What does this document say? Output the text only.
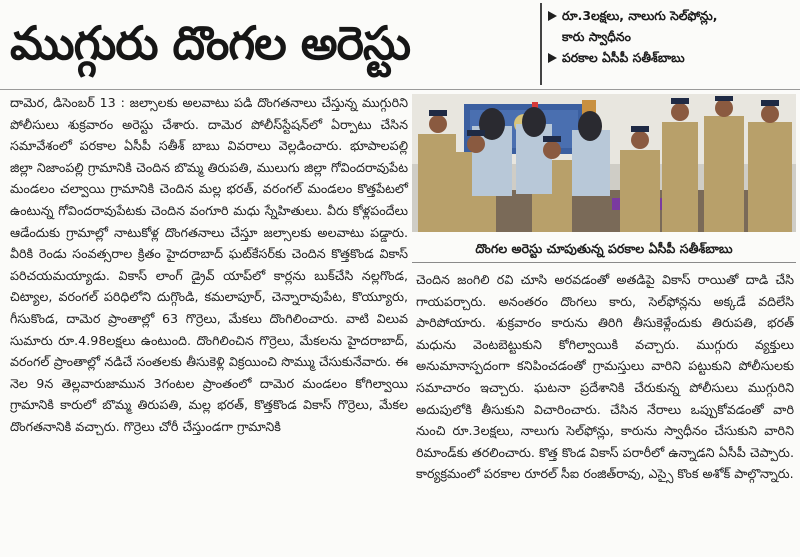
ముగ్గురు దొంగల అరెస్టు
రూ.3లక్షలు, నాలుగు సెల్‌ఫోన్లు,
కారు స్వాధీనం
పరకాల ఏసీపీ సతీశ్‌బాబు

దామెర, డిసెంబర్ 13 : జల్సాలకు అలవాటు పడి దొంగతనాలు చేస్తున్న ముగ్గురిని పోలీసులు శుక్రవారం అరెస్టు చేశారు. దామెర పోలీస్‌స్టేషన్‌లో ఏర్పాటు చేసిన సమావేశంలో పరకాల ఏసీపీ సతీశ్ బాబు వివరాలు వెల్లడించారు. భూపాలపల్లి జిల్లా నిజాంపల్లి గ్రామానికి చెందిన బొమ్మ తిరుపతి, ములుగు జిల్లా గోవిందరావుపేట మండలం చల్వాయి గ్రామానికి చెందిన మల్ల భరత్, వరంగల్ మండలం కొత్తపేటలో ఉంటున్న గోవిందరావుపేటకు చెందిన వంగూరి మధు స్నేహితులు. వీరు కోళ్లపందేలు ఆడేందుకు గ్రామాల్లో నాటుకోళ్ల దొంగతనాలు చేస్తూ జల్సాలకు అలవాటు పడ్డారు. వీరికి రెండు సంవత్సరాల క్రితం హైదరాబాద్ ఘట్‌కేసర్‌కు చెందిన కొత్తకొండ వికాస్ పరిచయమయ్యాడు. వికాస్ లాంగ్ డ్రైవ్ యాప్‌లో కార్లను బుక్‌చేసి నల్లగొండ, చిట్యాల, వరంగల్ పరిధిలోని దుగ్గొండి, కమలాపూర్, చెన్నారావుపేట, కొయ్యూరు, గీసుకొండ, దామెర ప్రాంతాల్లో 63 గొర్రెలు, మేకలు దొంగిలించారు. వాటి విలువ సుమారు రూ.4.98లక్షలు ఉంటుంది. దొంగిలించిన గొర్రెలు, మేకలను హైదరాబాద్, వరంగల్ ప్రాంతాల్లో నడిచే సంతలకు తీసుకెళ్లి విక్రయించి సొమ్ము చేసుకునేవారు. ఈ నెల 9న తెల్లవారుజామున 3గంటల ప్రాంతంలో దామెర మండలం కోగిల్వాయి గ్రామానికి కారులో బొమ్మ తిరుపతి, మల్ల భరత్, కొత్తకొండ వికాస్ గొర్రెలు, మేకల దొంగతనానికి వచ్చారు. గొర్రెలు చోరీ చేస్తుండగా గ్రామానికి

దొంగల అరెస్టు చూపుతున్న పరకాల ఏసీపీ సతీశ్‌బాబు

చెందిన జంగిలి రవి చూసి అరవడంతో అతడిపై వికాస్ రాయితో దాడి చేసి గాయపర్చారు. అనంతరం దొంగలు కారు, సెల్‌ఫోన్లను అక్కడే వదిలేసి పారిపోయారు. శుక్రవారం కారును తిరిగి తీసుకెళ్లేందుకు తిరుపతి, భరత్ మధును వెంటబెట్టుకుని కోగిల్వాయికి వచ్చారు. ముగ్గురు వ్యక్తులు అనుమానాస్పదంగా కనిపించడంతో గ్రామస్తులు వారిని పట్టుకుని పోలీసులకు సమాచారం ఇచ్చారు. ఘటనా ప్రదేశానికి చేరుకున్న పోలీసులు ముగ్గురిని అదుపులోకి తీసుకుని విచారించారు. చేసిన నేరాలు ఒప్పుకోవడంతో వారి నుంచి రూ.3లక్షలు, నాలుగు సెల్‌ఫోన్లు, కారును స్వాధీనం చేసుకుని వారిని రిమాండ్‌కు తరలించారు. కొత్త కొండ వికాస్ పరారీలో ఉన్నాడని ఏసీపీ చెప్పారు. కార్యక్రమంలో పరకాల రూరల్ సీఐ రంజిత్‌రావు, ఎస్సై కొంక అశోక్ పాల్గొన్నారు.
